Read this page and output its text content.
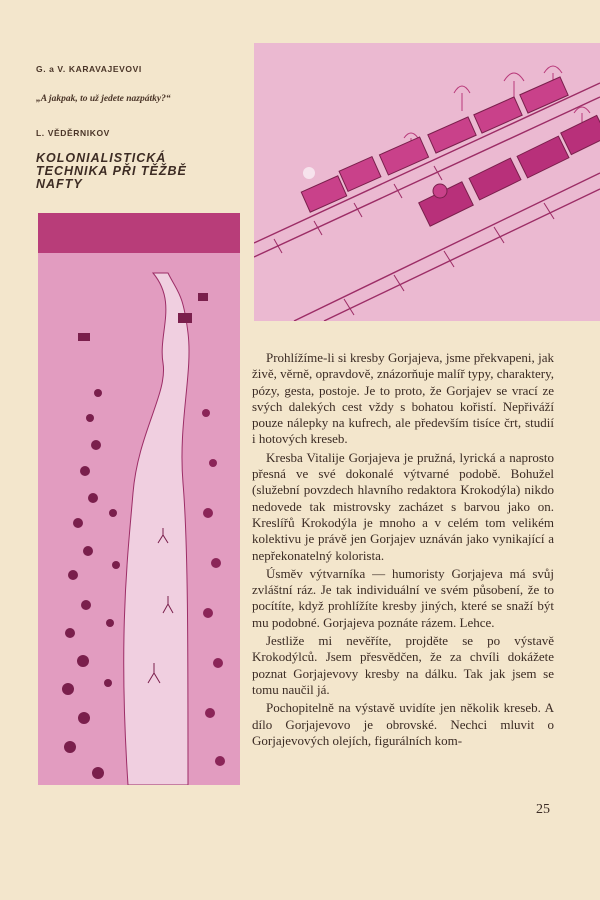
G. a V. KARAVAJEVOVI

„A jakpak, to už jedete nazpátky?“

L. VĚDĚRNIKOV

KOLONIALISTICKÁ
TECHNIKA PŘI TĚŽBĚ
NAFTY

Prohlížíme-li si kresby Gorjajeva, jsme překvapeni, jak živě, věrně, opravdově, znázorňuje malíř typy, charaktery, pózy, gesta, postoje. Je to proto, že Gorjajev se vrací ze svých dalekých cest vždy s bohatou kořistí. Nepřiváží pouze nálepky na kufrech, ale především tisíce črt, studií i hotových kreseb.

Kresba Vitalije Gorjajeva je pružná, lyrická a naprosto přesná ve své dokonalé výtvarné podobě. Bohužel (služební povzdech hlavního redaktora Krokodýla) nikdo nedovede tak mistrovsky zacházet s barvou jako on. Kreslířů Krokodýla je mnoho a v celém tom velikém kolektivu je právě jen Gorjajev uznáván jako vynikající a nepřekonatelný kolorista.

Úsměv výtvarníka — humoristy Gorjajeva má svůj zvláštní ráz. Je tak individuální ve svém působení, že to pocítíte, když prohlížíte kresby jiných, které se snaží být mu podobné. Gorjajeva poznáte rázem. Lehce.

Jestliže mi nevěříte, projděte se po výstavě Krokodýlců. Jsem přesvědčen, že za chvíli dokážete poznat Gorjajevovy kresby na dálku. Tak jak jsem se tomu naučil já.

Pochopitelně na výstavě uvidíte jen několik kreseb. A dílo Gorjajevovo je obrovské. Nechci mluvit o Gorjajevových olejích, figurálních kom-

25
